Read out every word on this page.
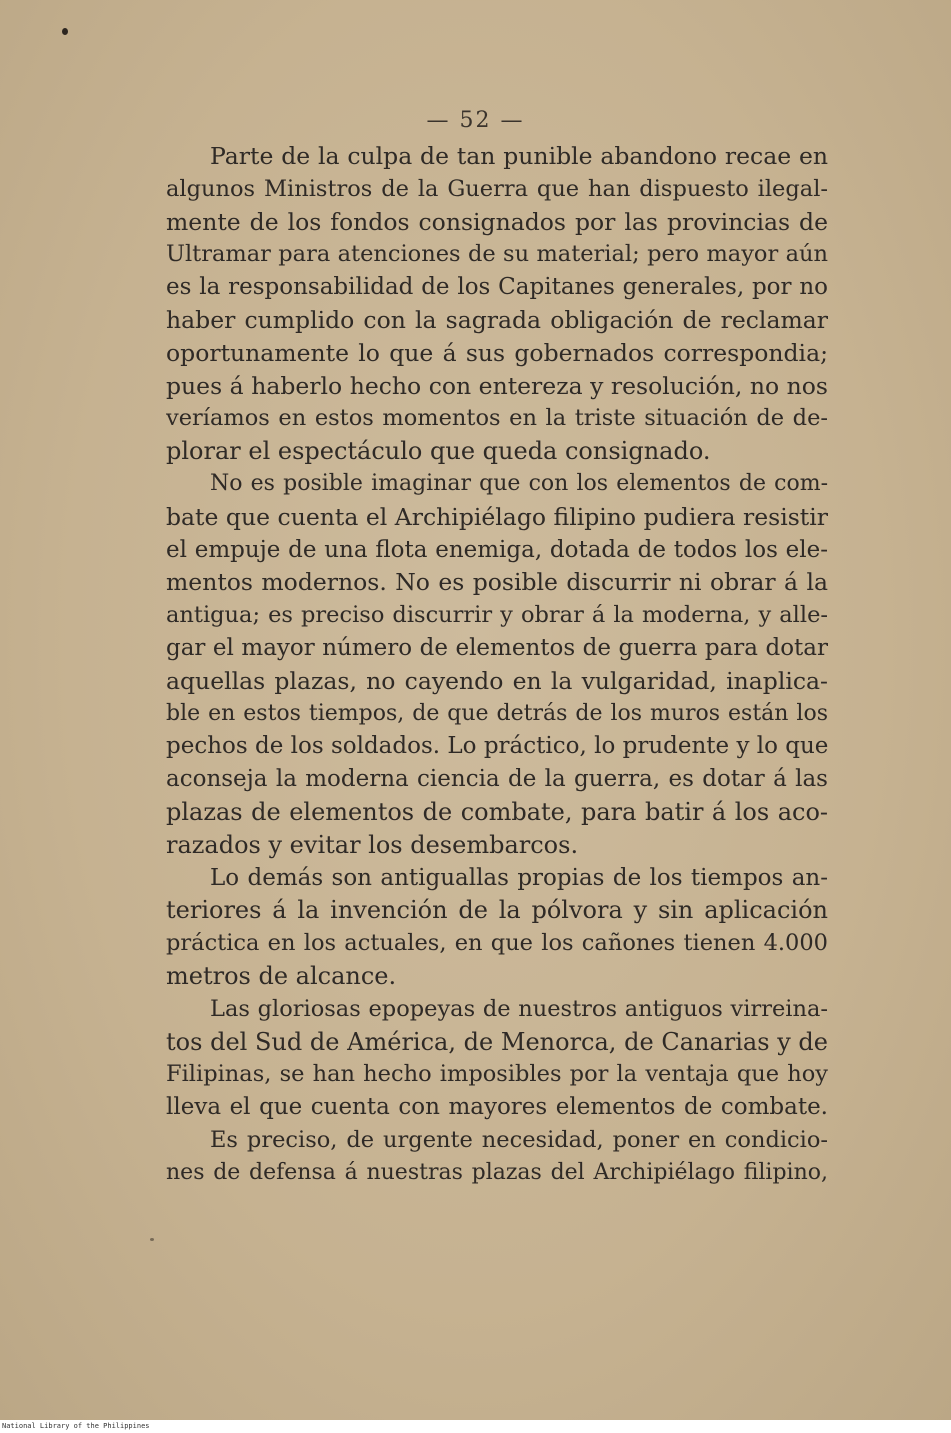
— 52 —
Parte de la culpa de tan punible abandono recae en
algunos Ministros de la Guerra que han dispuesto ilegal-
mente de los fondos consignados por las provincias de
Ultramar para atenciones de su material; pero mayor aún
es la responsabilidad de los Capitanes generales, por no
haber cumplido con la sagrada obligación de reclamar
oportunamente lo que á sus gobernados correspondia;
pues á haberlo hecho con entereza y resolución, no nos
veríamos en estos momentos en la triste situación de de-
plorar el espectáculo que queda consignado.
No es posible imaginar que con los elementos de com-
bate que cuenta el Archipiélago filipino pudiera resistir
el empuje de una flota enemiga, dotada de todos los ele-
mentos modernos. No es posible discurrir ni obrar á la
antigua; es preciso discurrir y obrar á la moderna, y alle-
gar el mayor número de elementos de guerra para dotar
aquellas plazas, no cayendo en la vulgaridad, inaplica-
ble en estos tiempos, de que detrás de los muros están los
pechos de los soldados. Lo práctico, lo prudente y lo que
aconseja la moderna ciencia de la guerra, es dotar á las
plazas de elementos de combate, para batir á los aco-
razados y evitar los desembarcos.
Lo demás son antiguallas propias de los tiempos an-
teriores á la invención de la pólvora y sin aplicación
práctica en los actuales, en que los cañones tienen 4.000
metros de alcance.
Las gloriosas epopeyas de nuestros antiguos virreina-
tos del Sud de América, de Menorca, de Canarias y de
Filipinas, se han hecho imposibles por la ventaja que hoy
lleva el que cuenta con mayores elementos de combate.
Es preciso, de urgente necesidad, poner en condicio-
nes de defensa á nuestras plazas del Archipiélago filipino,
National Library of the Philippines
